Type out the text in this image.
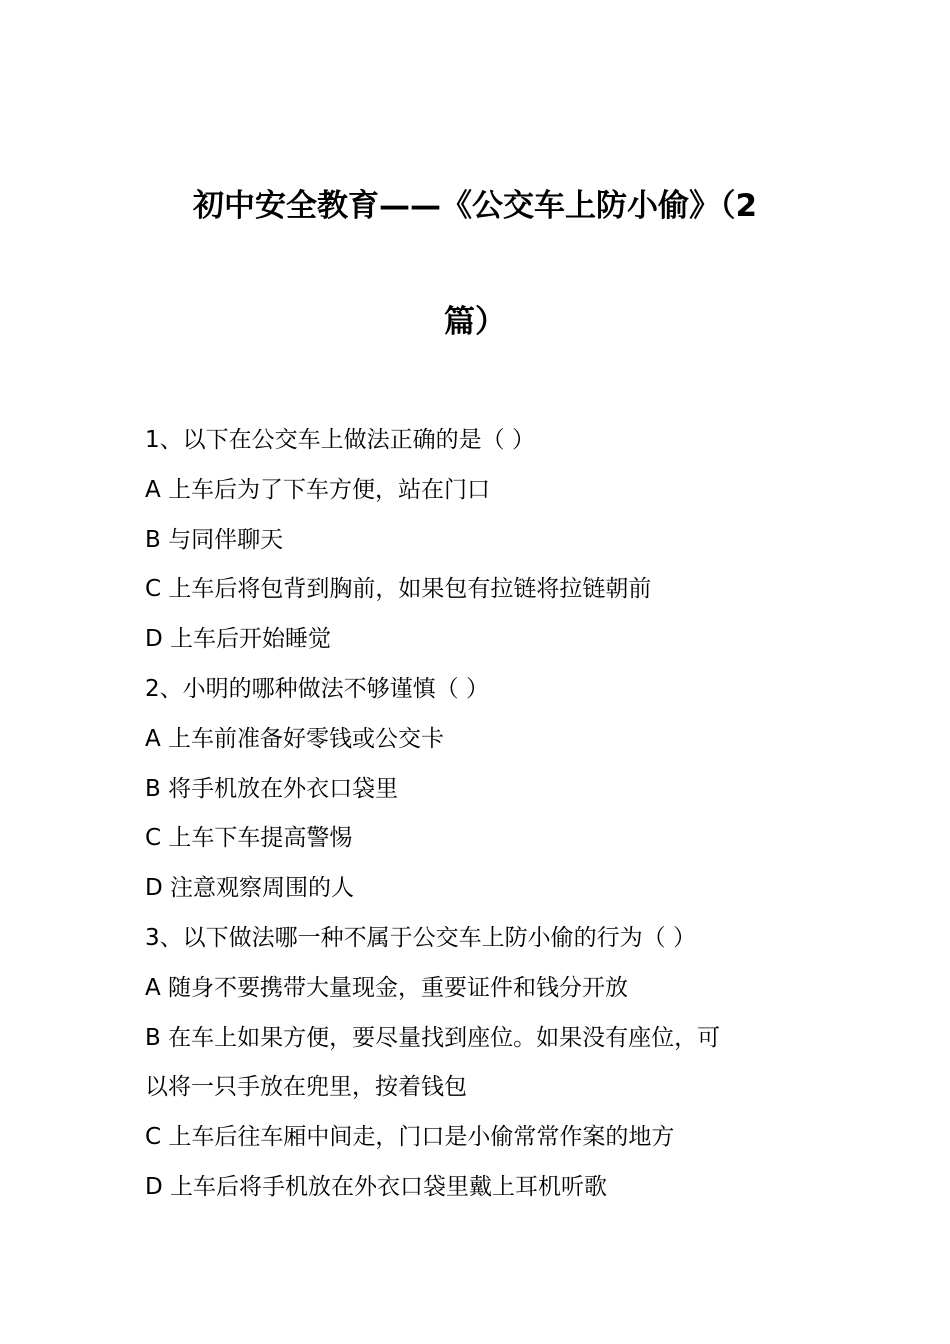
初中安全教育——《公交车上防小偷》（2
篇）
1、以下在公交车上做法正确的是（ ）
A 上车后为了下车方便，站在门口
B 与同伴聊天
C 上车后将包背到胸前，如果包有拉链将拉链朝前
D 上车后开始睡觉
2、小明的哪种做法不够谨慎（ ）
A 上车前准备好零钱或公交卡
B 将手机放在外衣口袋里
C 上车下车提高警惕
D 注意观察周围的人
3、以下做法哪一种不属于公交车上防小偷的行为（ ）
A 随身不要携带大量现金，重要证件和钱分开放
B 在车上如果方便，要尽量找到座位。如果没有座位，可
以将一只手放在兜里，按着钱包
C 上车后往车厢中间走，门口是小偷常常作案的地方
D 上车后将手机放在外衣口袋里戴上耳机听歌
